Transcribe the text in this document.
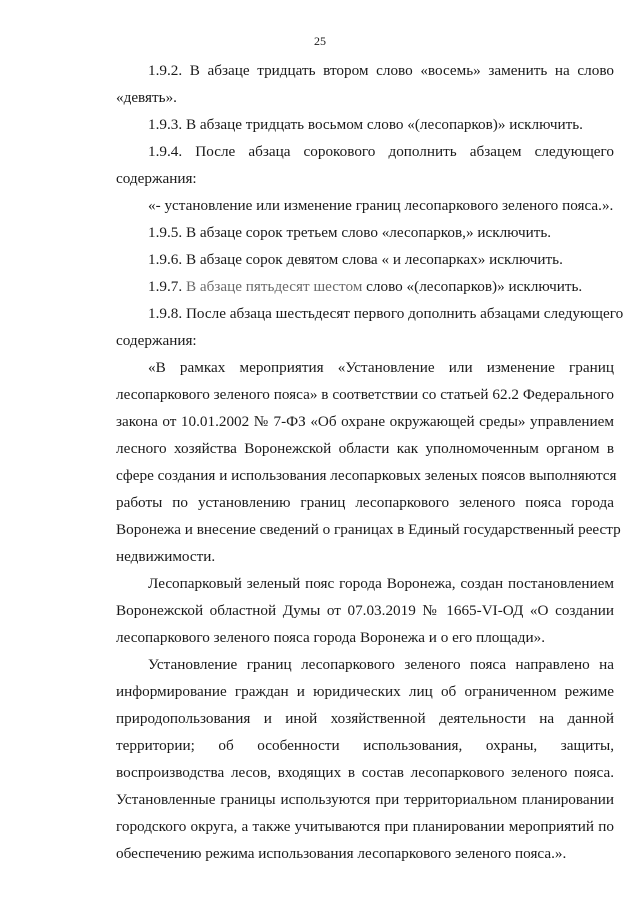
25
1.9.2. В абзаце тридцать втором слово «восемь» заменить на слово
«девять».
1.9.3. В абзаце тридцать восьмом слово «(лесопарков)» исключить.
1.9.4. После абзаца сорокового дополнить абзацем следующего
содержания:
«- установление или изменение границ лесопаркового зеленого пояса.».
1.9.5. В абзаце сорок третьем слово «лесопарков,» исключить.
1.9.6. В абзаце сорок девятом слова « и лесопарках» исключить.
1.9.7. В абзаце пятьдесят шестом слово «(лесопарков)» исключить.
1.9.8. После абзаца шестьдесят первого дополнить абзацами следующего
содержания:
«В рамках мероприятия «Установление или изменение границ
лесопаркового зеленого пояса» в соответствии со статьей 62.2 Федерального
закона от 10.01.2002 № 7-ФЗ «Об охране окружающей среды» управлением
лесного хозяйства Воронежской области как уполномоченным органом в
сфере создания и использования лесопарковых зеленых поясов выполняются
работы по установлению границ лесопаркового зеленого пояса города
Воронежа и внесение сведений о границах в Единый государственный реестр
недвижимости.
Лесопарковый зеленый пояс города Воронежа, создан постановлением
Воронежской областной Думы от 07.03.2019 № 1665-VI-ОД «О создании
лесопаркового зеленого пояса города Воронежа и о его площади».
Установление границ лесопаркового зеленого пояса направлено на
информирование граждан и юридических лиц об ограниченном режиме
природопользования и иной хозяйственной деятельности на данной
территории; об особенности использования, охраны, защиты,
воспроизводства лесов, входящих в состав лесопаркового зеленого пояса.
Установленные границы используются при территориальном планировании
городского округа, а также учитываются при планировании мероприятий по
обеспечению режима использования лесопаркового зеленого пояса.».
